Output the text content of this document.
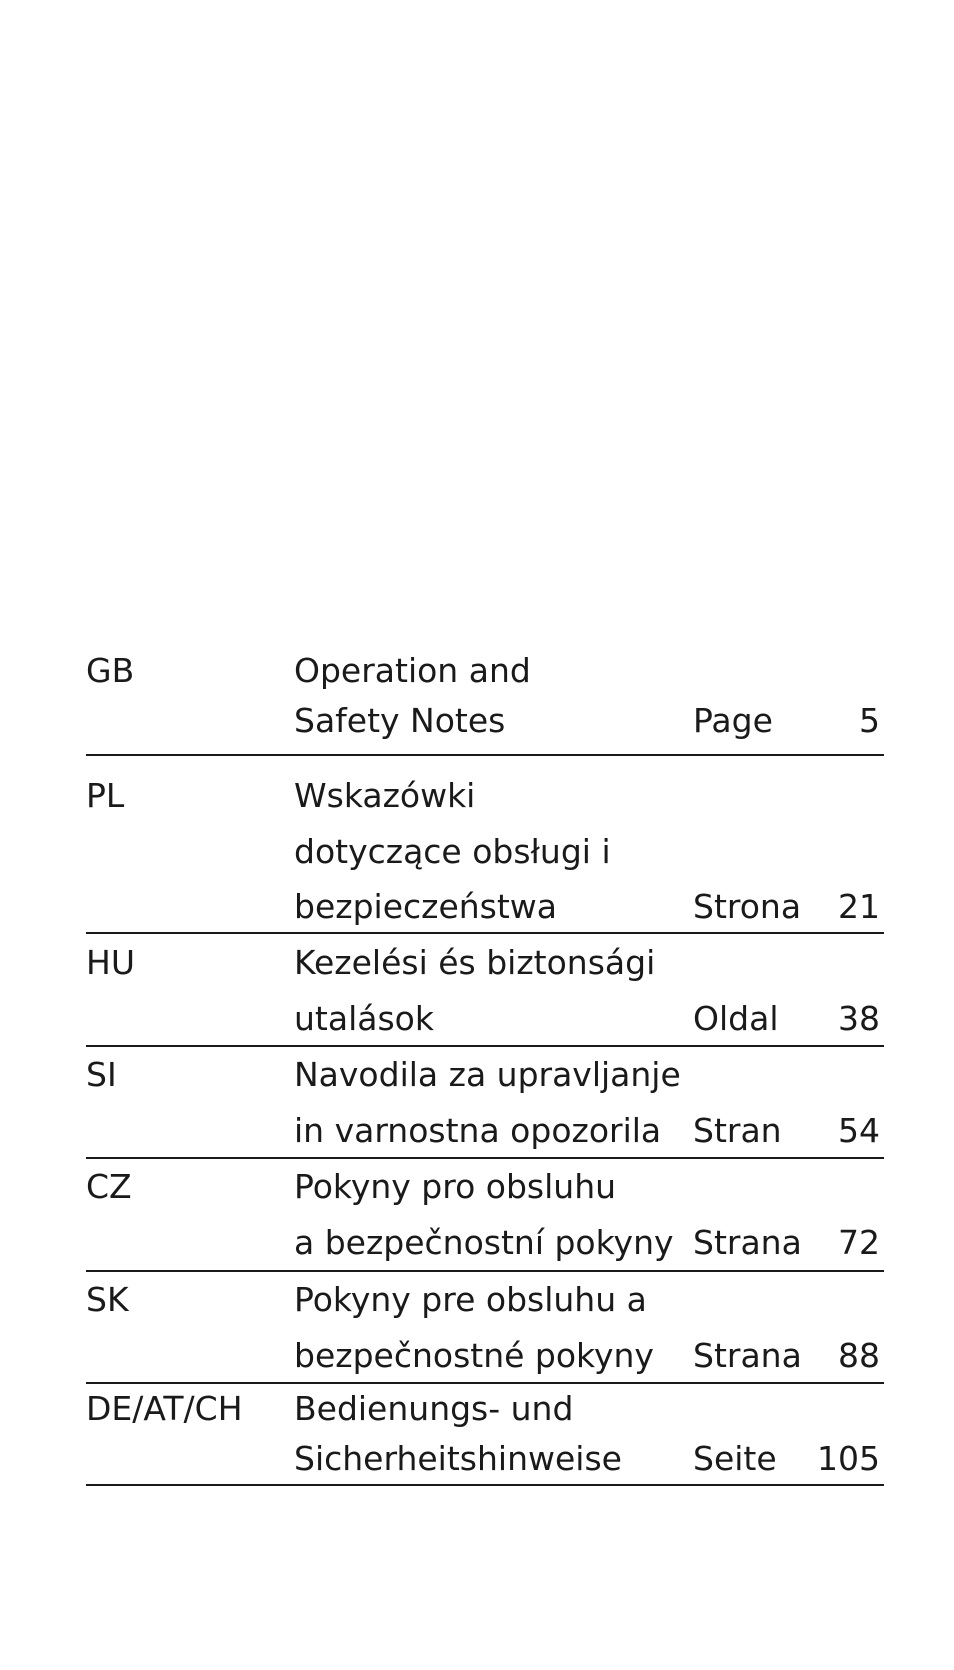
GB	Operation and
Safety Notes	Page	5
PL	Wskazówki
dotyczące obsługi i
bezpieczeństwa	Strona 21
HU	Kezelési és biztonsági
utalások	Oldal 38
SI	Navodila za upravljanje
in varnostna opozorila Stran 54
CZ	Pokyny pro obsluhu
a bezpečnostní pokyny Strana 72
SK	Pokyny pre obsluhu a
bezpečnostné pokyny Strana 88
DE/AT/CH Bedienungs- und
Sicherheitshinweise Seite 105
